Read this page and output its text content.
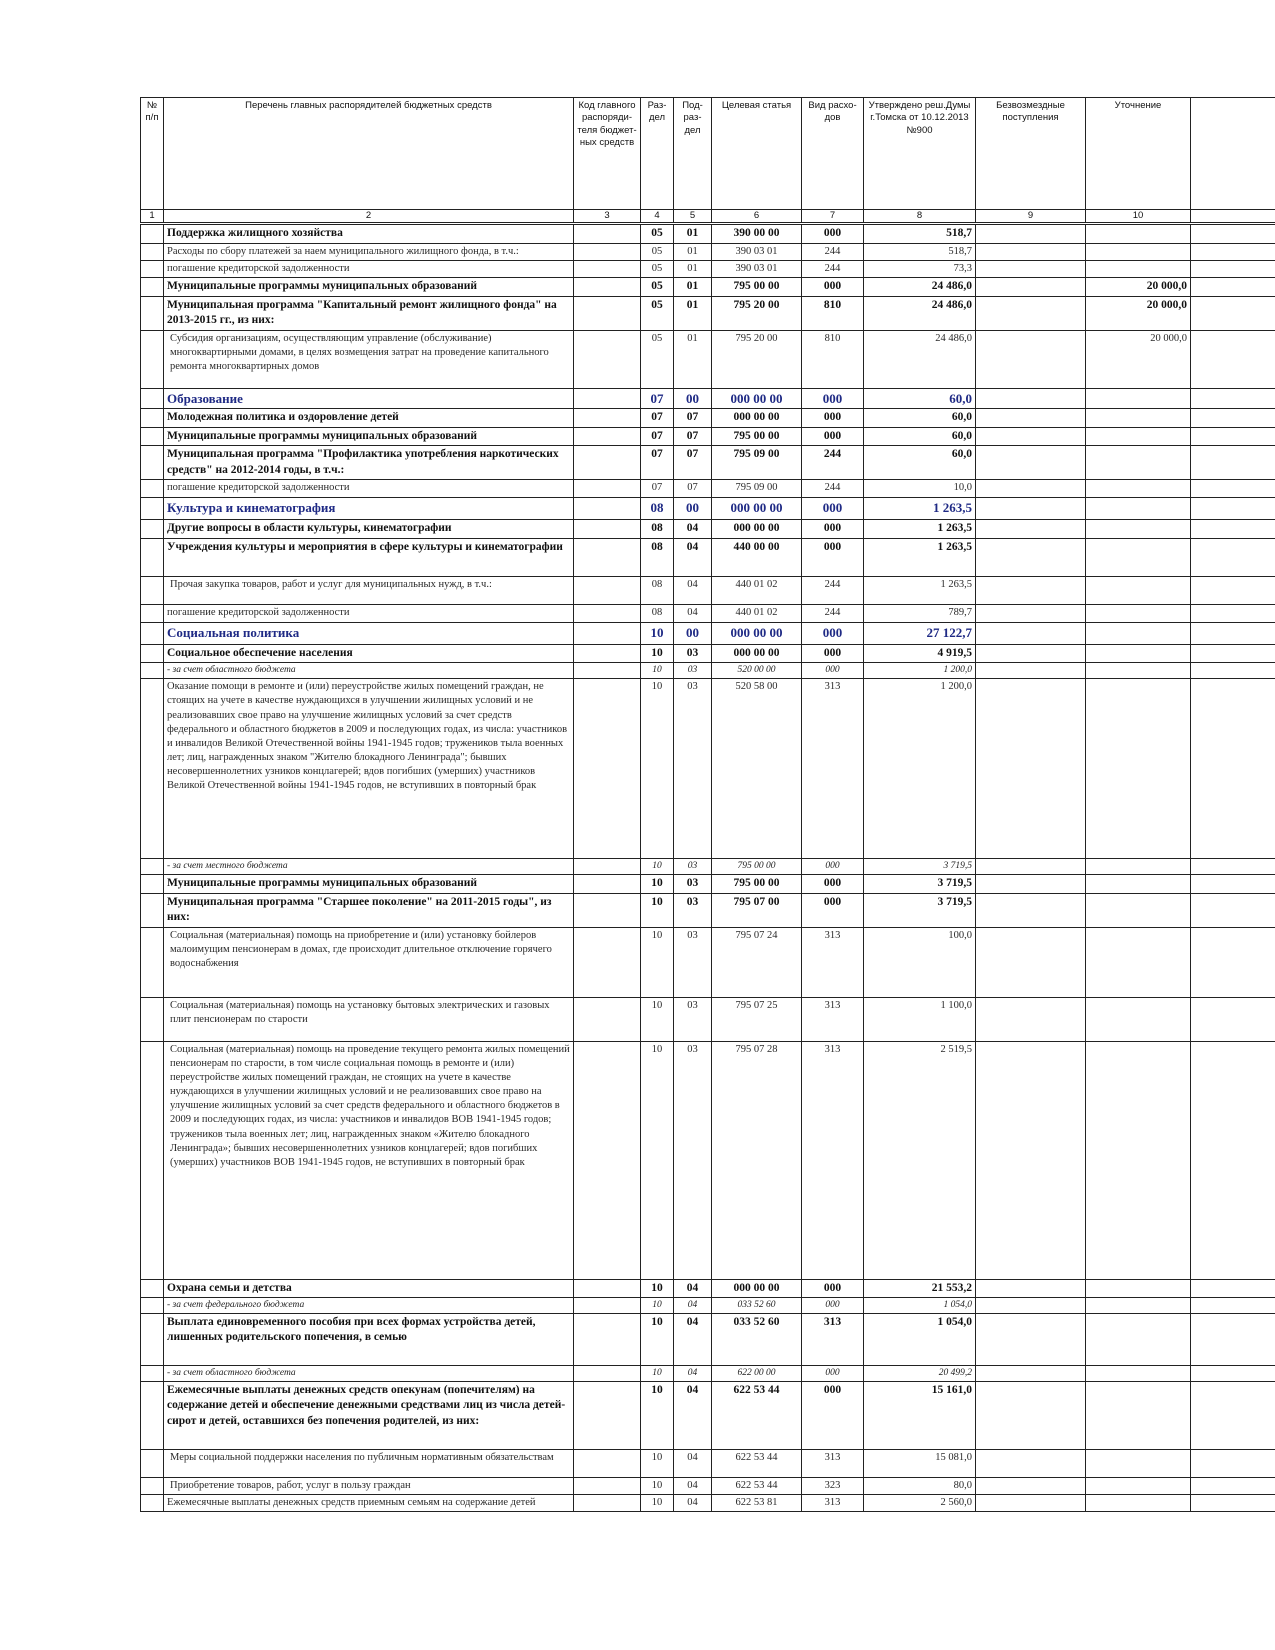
№ п/п	Перечень главных распорядителей бюджетных средств	Код главного распоряди-теля бюджет-ных средств	Раз-дел	Под-раз-дел	Целевая статья	Вид расхо-дов	Утверждено реш.Думы г.Томска от 10.12.2013 №900	Безвозмездные поступления	Уточнение	
1	2	3	4	5	6	7	8	9	10	
	Поддержка жилищного хозяйства		05	01	390 00 00	000	518,7			
	Расходы по сбору платежей за наем муниципального жилищного фонда, в т.ч.:		05	01	390 03 01	244	518,7			
	погашение кредиторской задолженности		05	01	390 03 01	244	73,3			
	Муниципальные программы муниципальных образований		05	01	795 00 00	000	24 486,0		20 000,0	
	Муниципальная программа "Капитальный ремонт жилищного фонда" на 2013-2015 гг., из них:		05	01	795 20 00	810	24 486,0		20 000,0	
	Субсидия организациям, осуществляющим управление (обслуживание) многоквартирными домами, в целях возмещения затрат на проведение капитального ремонта многоквартирных домов		05	01	795 20 00	810	24 486,0		20 000,0	
	Образование		07	00	000 00 00	000	60,0			
	Молодежная политика и оздоровление детей		07	07	000 00 00	000	60,0			
	Муниципальные программы муниципальных образований		07	07	795 00 00	000	60,0			
	Муниципальная программа "Профилактика употребления наркотических средств" на 2012-2014 годы, в т.ч.:		07	07	795 09 00	244	60,0			
	погашение кредиторской задолженности		07	07	795 09 00	244	10,0			
	Культура и кинематография		08	00	000 00 00	000	1 263,5			
	Другие вопросы в области культуры, кинематографии		08	04	000 00 00	000	1 263,5			
	Учреждения культуры и мероприятия в сфере культуры и кинематографии		08	04	440 00 00	000	1 263,5			
	Прочая закупка товаров, работ и услуг для муниципальных нужд, в т.ч.:		08	04	440 01 02	244	1 263,5			
	погашение кредиторской задолженности		08	04	440 01 02	244	789,7			
	Социальная политика		10	00	000 00 00	000	27 122,7			
	Социальное обеспечение населения		10	03	000 00 00	000	4 919,5			
	- за счет областного бюджета		10	03	520 00 00	000	1 200,0			
	Оказание помощи в ремонте и (или) переустройстве жилых помещений граждан, не стоящих на учете в качестве нуждающихся в улучшении жилищных условий и не реализовавших свое право на улучшение жилищных условий за счет средств федерального и областного бюджетов в 2009 и последующих годах, из числа: участников и инвалидов Великой Отечественной войны 1941-1945 годов; тружеников тыла военных лет; лиц, награжденных знаком "Жителю блокадного Ленинграда"; бывших несовершеннолетних узников концлагерей; вдов погибших (умерших) участников Великой Отечественной войны 1941-1945 годов, не вступивших в повторный брак		10	03	520 58 00	313	1 200,0			
	- за счет местного бюджета		10	03	795 00 00	000	3 719,5			
	Муниципальные программы муниципальных образований		10	03	795 00 00	000	3 719,5			
	Муниципальная программа "Старшее поколение" на 2011-2015 годы", из них:		10	03	795 07 00	000	3 719,5			
	Социальная (материальная) помощь на приобретение и (или) установку бойлеров малоимущим пенсионерам в домах, где происходит длительное отключение горячего водоснабжения		10	03	795 07 24	313	100,0			
	Социальная (материальная) помощь на установку бытовых электрических и газовых плит пенсионерам по старости		10	03	795 07 25	313	1 100,0			
	Социальная (материальная) помощь на проведение текущего ремонта жилых помещений пенсионерам по старости, в том числе социальная помощь в ремонте и (или) переустройстве жилых помещений граждан, не стоящих на учете в качестве нуждающихся в улучшении жилищных условий и не реализовавших свое право на улучшение жилищных условий за счет средств федерального и областного бюджетов в 2009 и последующих годах, из числа: участников и инвалидов ВОВ 1941-1945 годов; тружеников тыла военных лет; лиц, награжденных знаком «Жителю блокадного Ленинграда»; бывших несовершеннолетних узников концлагерей; вдов погибших (умерших) участников ВОВ 1941-1945 годов, не вступивших в повторный брак		10	03	795 07 28	313	2 519,5			
	Охрана семьи и детства		10	04	000 00 00	000	21 553,2			
	- за счет федерального бюджета		10	04	033 52 60	000	1 054,0			
	Выплата единовременного пособия при всех формах устройства детей, лишенных родительского попечения, в семью		10	04	033 52 60	313	1 054,0			
	- за счет областного бюджета		10	04	622 00 00	000	20 499,2			
	Ежемесячные выплаты денежных средств опекунам (попечителям) на содержание детей и обеспечение денежными средствами лиц из числа детей-сирот и детей, оставшихся без попечения родителей, из них:		10	04	622 53 44	000	15 161,0			
	Меры социальной поддержки населения по публичным нормативным обязательствам		10	04	622 53 44	313	15 081,0			
	Приобретение товаров, работ, услуг в пользу граждан		10	04	622 53 44	323	80,0			
	Ежемесячные выплаты денежных средств приемным семьям на содержание детей		10	04	622 53 81	313	2 560,0			
